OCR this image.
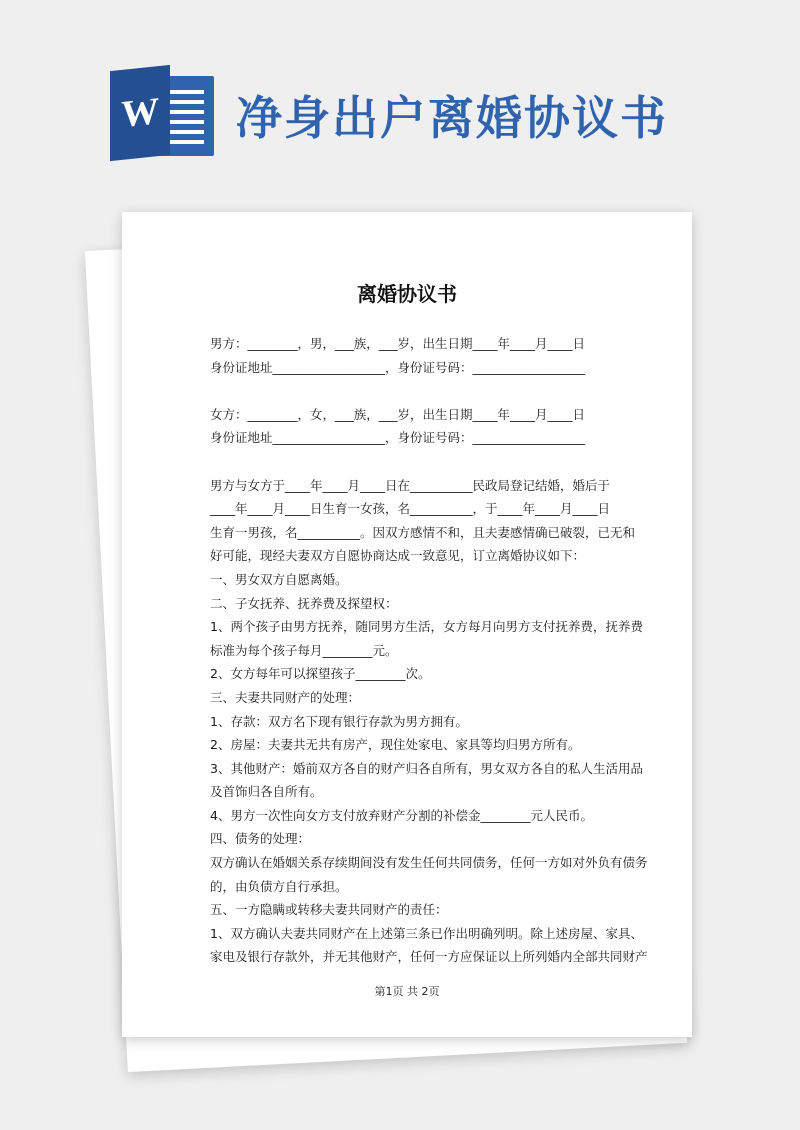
W 净身出户离婚协议书
离婚协议书
男方：________，男，___族，___岁，出生日期____年____月____日
身份证地址__________________，身份证号码：__________________
女方：________，女，___族，___岁，出生日期____年____月____日
身份证地址__________________，身份证号码：__________________
男方与女方于____年____月____日在__________民政局登记结婚，婚后于
____年____月____日生育一女孩，名__________，于____年____月____日
生育一男孩，名__________。因双方感情不和，且夫妻感情确已破裂，已无和
好可能，现经夫妻双方自愿协商达成一致意见，订立离婚协议如下：
一、男女双方自愿离婚。
二、子女抚养、抚养费及探望权：
1、两个孩子由男方抚养，随同男方生活，女方每月向男方支付抚养费，抚养费
标准为每个孩子每月________元。
2、女方每年可以探望孩子________次。
三、夫妻共同财产的处理：
1、存款：双方名下现有银行存款为男方拥有。
2、房屋：夫妻共无共有房产，现住处家电、家具等均归男方所有。
3、其他财产：婚前双方各自的财产归各自所有，男女双方各自的私人生活用品
及首饰归各自所有。
4、男方一次性向女方支付放弃财产分割的补偿金________元人民币。
四、债务的处理：
双方确认在婚姻关系存续期间没有发生任何共同债务，任何一方如对外负有债务
的，由负债方自行承担。
五、一方隐瞒或转移夫妻共同财产的责任：
1、双方确认夫妻共同财产在上述第三条已作出明确列明。除上述房屋、家具、
家电及银行存款外，并无其他财产，任何一方应保证以上所列婚内全部共同财产
第1页 共 2页
